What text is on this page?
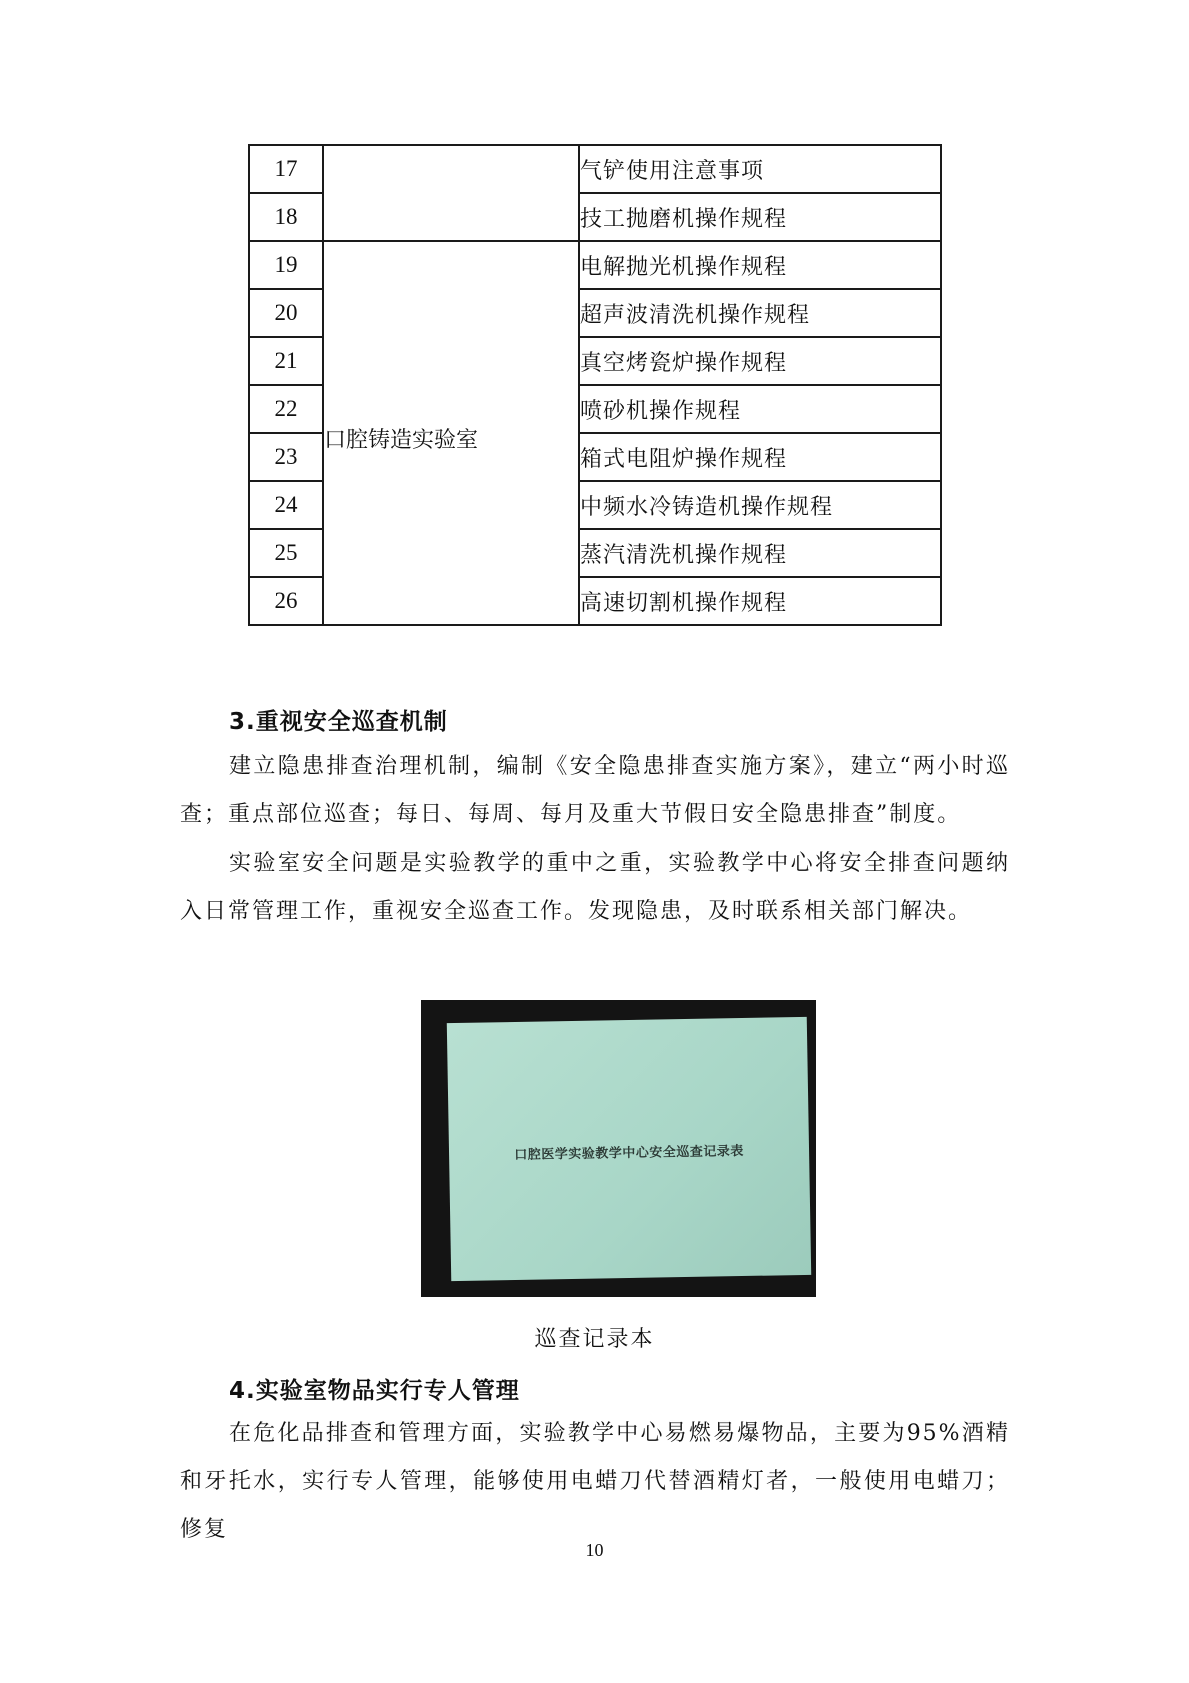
17		气铲使用注意事项
18		技工抛磨机操作规程
19	口腔铸造实验室	电解抛光机操作规程
20		超声波清洗机操作规程
21		真空烤瓷炉操作规程
22		喷砂机操作规程
23		箱式电阻炉操作规程
24		中频水冷铸造机操作规程
25		蒸汽清洗机操作规程
26		高速切割机操作规程
3.重视安全巡查机制

建立隐患排查治理机制，编制《安全隐患排查实施方案》，建立“两小时巡查；重点部位巡查；每日、每周、每月及重大节假日安全隐患排查”制度。

实验室安全问题是实验教学的重中之重，实验教学中心将安全排查问题纳入日常管理工作，重视安全巡查工作。发现隐患，及时联系相关部门解决。

口腔医学实验教学中心安全巡查记录表
巡查记录本
4.实验室物品实行专人管理

在危化品排查和管理方面，实验教学中心易燃易爆物品，主要为95%酒精和牙托水，实行专人管理，能够使用电蜡刀代替酒精灯者，一般使用电蜡刀；修复

10
